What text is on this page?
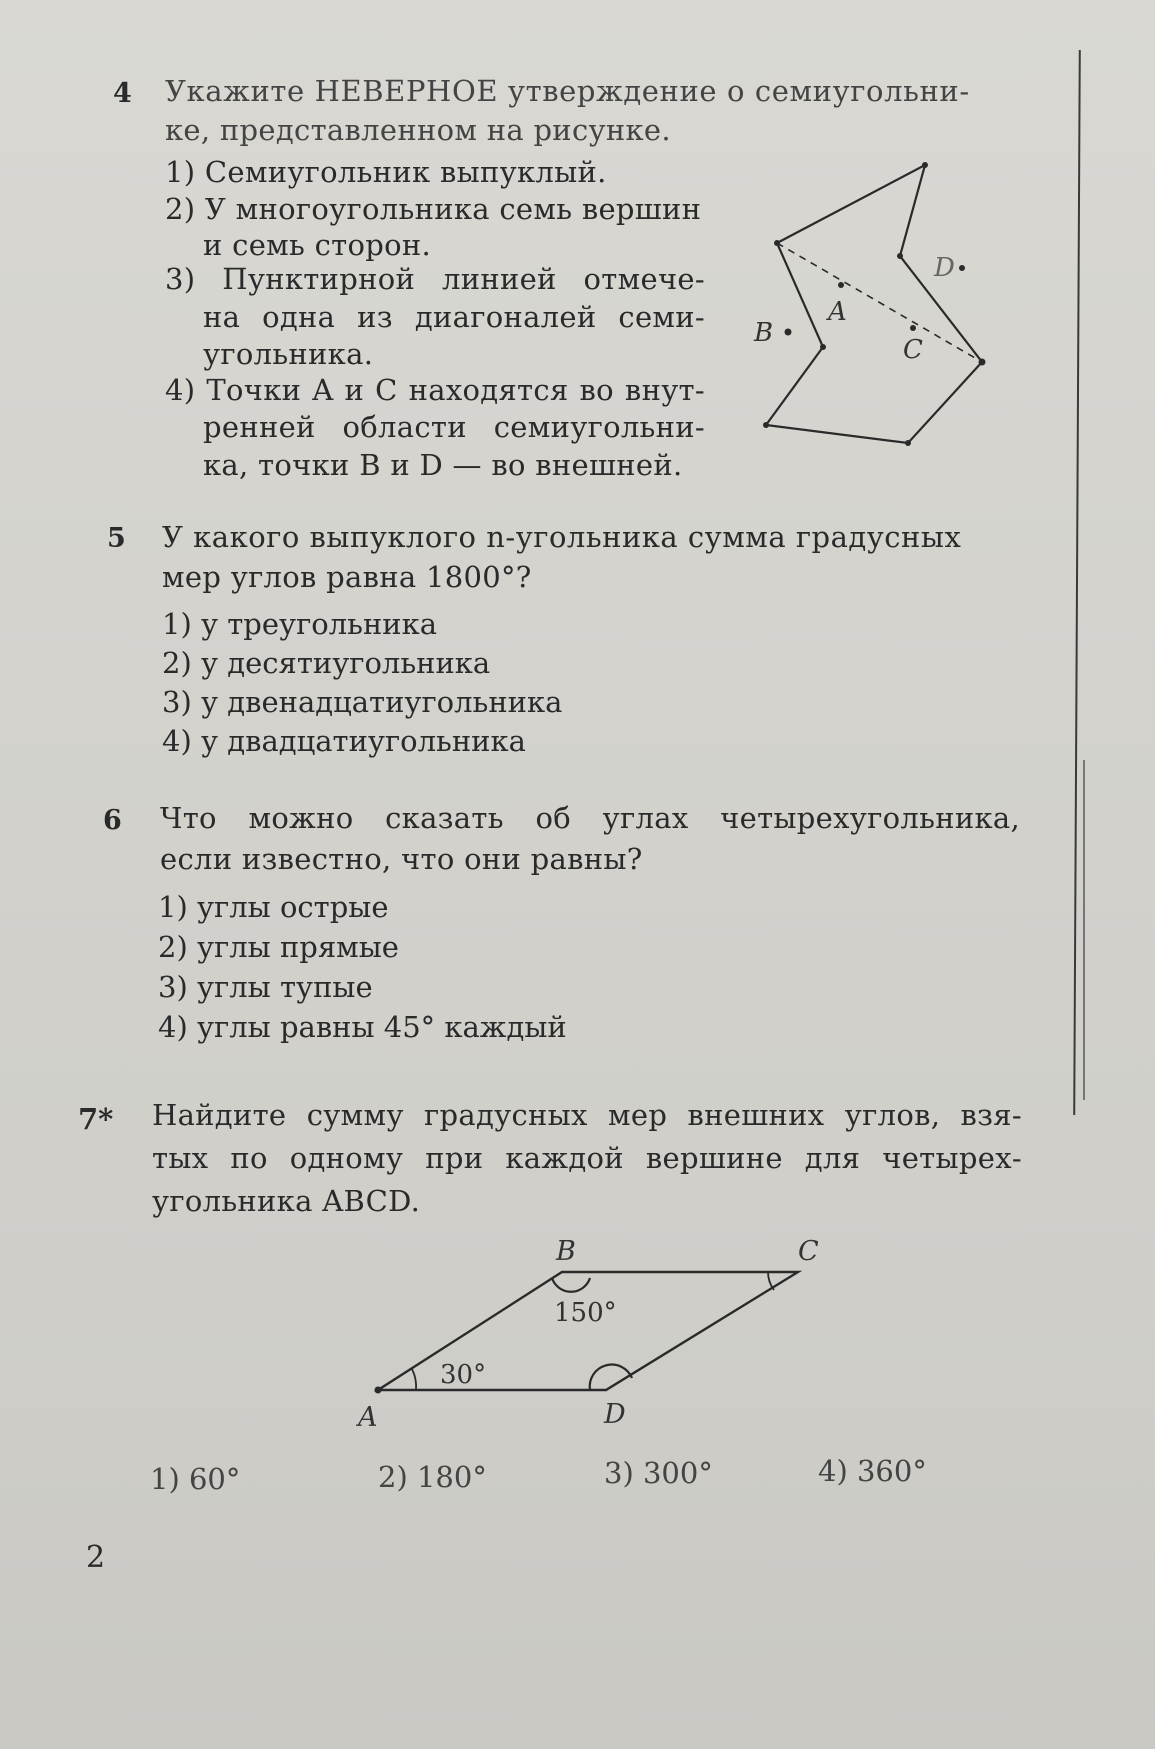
4 Укажите НЕВЕРНОЕ утверждение о семиугольни-
ке, представленном на рисунке.
1) Семиугольник выпуклый.
2) У многоугольника семь вершин
и семь сторон.
3) Пунктирной линией отмече-
на одна из диагоналей семи-
угольника.
4) Точки A и C находятся во внут-
ренней области семиугольни-
ка, точки B и D — во внешней.
A
B
C
D
5 У какого выпуклого n-угольника сумма градусных
мер углов равна 1800°?
1) у треугольника
2) у десятиугольника
3) у двенадцатиугольника
4) у двадцатиугольника
6 Что можно сказать об углах четырехугольника,
если известно, что они равны?
1) углы острые
2) углы прямые
3) углы тупые
4) углы равны 45° каждый
7* Найдите сумму градусных мер внешних углов, взя-
тых по одному при каждой вершине для четырех-
угольника ABCD.
B	C
A	D
150°
30°
1) 60°	2) 180°	3) 300°	4) 360°
2
